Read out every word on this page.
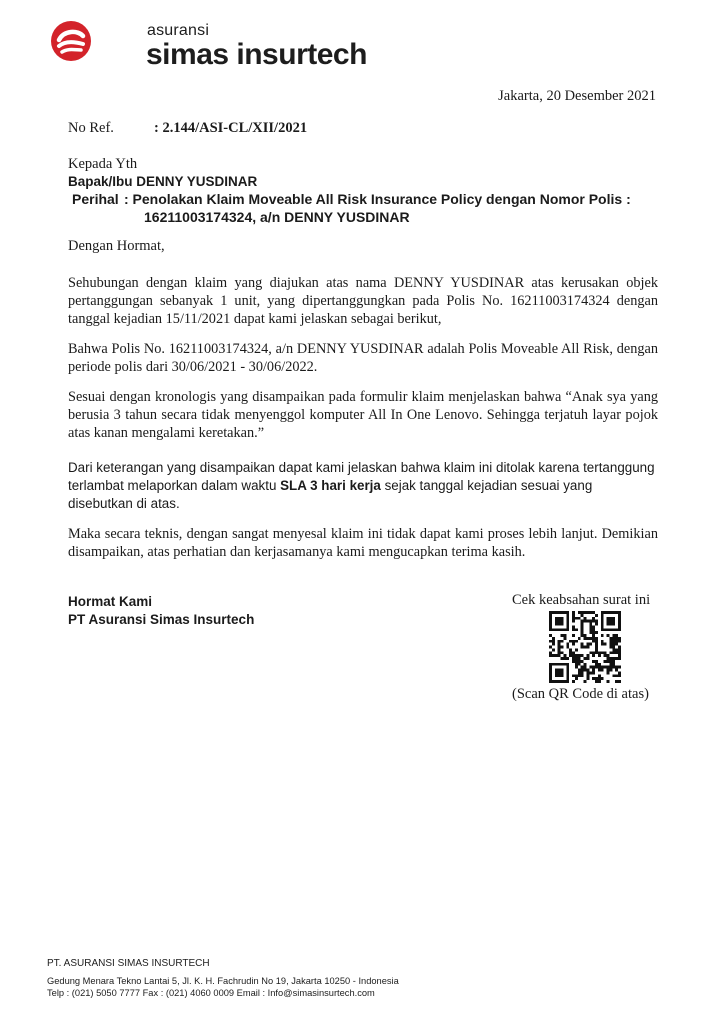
asuransi
simas insurtech
Jakarta, 20 Desember 2021
No Ref.	: 2.144/ASI-CL/XII/2021
Kepada Yth
Bapak/Ibu DENNY YUSDINAR
Perihal : Penolakan Klaim Moveable All Risk Insurance Policy dengan Nomor Polis :
16211003174324, a/n DENNY YUSDINAR
Dengan Hormat,
Sehubungan dengan klaim yang diajukan atas nama DENNY YUSDINAR atas kerusakan objek pertanggungan sebanyak 1 unit, yang dipertanggungkan pada Polis No. 16211003174324 dengan tanggal kejadian 15/11/2021 dapat kami jelaskan sebagai berikut,
Bahwa Polis No. 16211003174324, a/n DENNY YUSDINAR adalah Polis Moveable All Risk, dengan periode polis dari 30/06/2021 - 30/06/2022.
Sesuai dengan kronologis yang disampaikan pada formulir klaim menjelaskan bahwa “Anak sya yang berusia 3 tahun secara tidak menyenggol komputer All In One Lenovo. Sehingga terjatuh layar pojok atas kanan mengalami keretakan.”
Dari keterangan yang disampaikan dapat kami jelaskan bahwa klaim ini ditolak karena tertanggung terlambat melaporkan dalam waktu SLA 3 hari kerja sejak tanggal kejadian sesuai yang disebutkan di atas.
Maka secara teknis, dengan sangat menyesal klaim ini tidak dapat kami proses lebih lanjut. Demikian disampaikan, atas perhatian dan kerjasamanya kami mengucapkan terima kasih.
Hormat Kami
PT Asuransi Simas Insurtech
Cek keabsahan surat ini
(Scan QR Code di atas)
PT. ASURANSI SIMAS INSURTECH
Gedung Menara Tekno Lantai 5, Jl. K. H. Fachrudin No 19, Jakarta 10250 - Indonesia
Telp : (021) 5050 7777 Fax : (021) 4060 0009 Email : Info@simasinsurtech.com
